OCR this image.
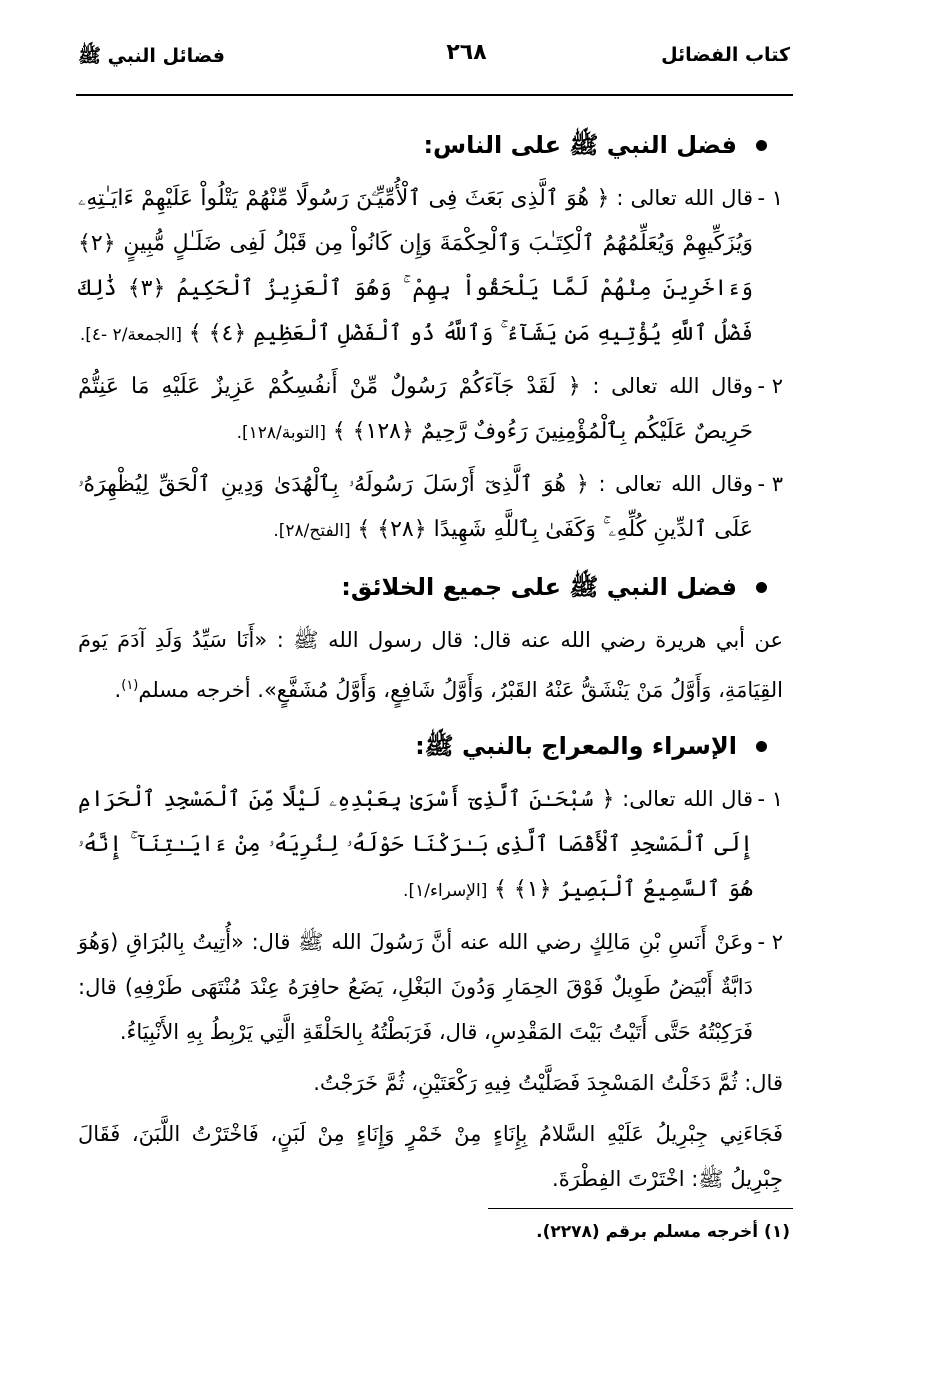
كتاب الفضائل
٢٦٨
فضائل النبي ﷺ
فضل النبي ﷺ على الناس:
١ -
قال الله تعالى : ﴿ هُوَ ٱلَّذِى بَعَثَ فِى ٱلْأُمِّيِّـۧنَ رَسُولًا مِّنْهُمْ يَتْلُواْ عَلَيْهِمْ ءَايَـٰتِهِۦ وَيُزَكِّيهِمْ وَيُعَلِّمُهُمُ ٱلْكِتَـٰبَ وَٱلْحِكْمَةَ وَإِن كَانُواْ مِن قَبْلُ لَفِى ضَلَـٰلٍ مُّبِينٍ ﴿٢﴾ وَءَاخَرِينَ مِنْهُمْ لَمَّا يَلْحَقُواْ بِهِمْ ۚ وَهُوَ ٱلْعَزِيزُ ٱلْحَكِيمُ ﴿٣﴾ ذَٰلِكَ فَضْلُ ٱللَّهِ يُؤْتِيهِ مَن يَشَآءُ ۚ وَٱللَّهُ ذُو ٱلْفَضْلِ ٱلْعَظِيمِ ﴿٤﴾ ﴾ [الجمعة/٢ -٤].
٢ -
وقال الله تعالى : ﴿ لَقَدْ جَآءَكُمْ رَسُولٌ مِّنْ أَنفُسِكُمْ عَزِيزٌ عَلَيْهِ مَا عَنِتُّمْ حَرِيصٌ عَلَيْكُم بِٱلْمُؤْمِنِينَ رَءُوفٌ رَّحِيمٌ ﴿١٢٨﴾ ﴾ [التوبة/١٢٨].
٣ -
وقال الله تعالى : ﴿ هُوَ ٱلَّذِىٓ أَرْسَلَ رَسُولَهُۥ بِٱلْهُدَىٰ وَدِينِ ٱلْحَقِّ لِيُظْهِرَهُۥ عَلَى ٱلدِّينِ كُلِّهِۦ ۚ وَكَفَىٰ بِٱللَّهِ شَهِيدًا ﴿٢٨﴾ ﴾ [الفتح/٢٨].
فضل النبي ﷺ على جميع الخلائق:
عن أبي هريرة رضي الله عنه قال: قال رسول الله ﷺ : «أَنَا سَيِّدُ وَلَدِ آدَمَ يَومَ القِيَامَةِ، وَأَوَّلُ مَنْ يَنْشَقُّ عَنْهُ القَبْرُ، وَأَوَّلُ شَافِعٍ، وَأَوَّلُ مُشَفَّعٍ». أخرجه مسلم$^{(١)}$.
الإسراء والمعراج بالنبي ﷺ:
١ -
قال الله تعالى: ﴿ سُبْحَـٰنَ ٱلَّذِىٓ أَسْرَىٰ بِعَبْدِهِۦ لَيْلًا مِّنَ ٱلْمَسْجِدِ ٱلْحَرَامِ إِلَى ٱلْمَسْجِدِ ٱلْأَقْصَا ٱلَّذِى بَـٰرَكْنَا حَوْلَهُۥ لِنُرِيَهُۥ مِنْ ءَايَـٰتِنَآ ۚ إِنَّهُۥ هُوَ ٱلسَّمِيعُ ٱلْبَصِيرُ ﴿١﴾ ﴾ [الإسراء/١].
٢ -
وعَنْ أَنَسِ بْنِ مَالِكٍ رضي الله عنه أنَّ رَسُولَ الله ﷺ قال: «أُتِيتُ بِالبُرَاقِ (وَهُوَ دَابَّةٌ أَبْيَضُ طَوِيلٌ فَوْقَ الحِمَارِ وَدُونَ البَغْلِ، يَضَعُ حافِرَهُ عِنْدَ مُنْتَهَى طَرْفِهِ) قال: فَرَكِبْتُهُ حَتَّى أَتَيْتُ بَيْتَ المَقْدِسِ، قال، فَرَبَطْتُهُ بِالحَلْقَةِ الَّتِي يَرْبِطُ بِهِ الأَنْبِيَاءُ.
قال: ثُمَّ دَخَلْتُ المَسْجِدَ فَصَلَّيْتُ فِيهِ رَكْعَتَيْنِ، ثُمَّ خَرَجْتُ.
فَجَاءَنِي جِبْرِيلُ عَلَيْهِ السَّلامُ بِإِنَاءٍ مِنْ خَمْرٍ وَإِنَاءٍ مِنْ لَبَنٍ، فَاخْتَرْتُ اللَّبَنَ، فَقَالَ جِبْرِيلُ ﷺ: اخْتَرْتَ الفِطْرَةَ.
(١) أخرجه مسلم برقم (٢٢٧٨).
